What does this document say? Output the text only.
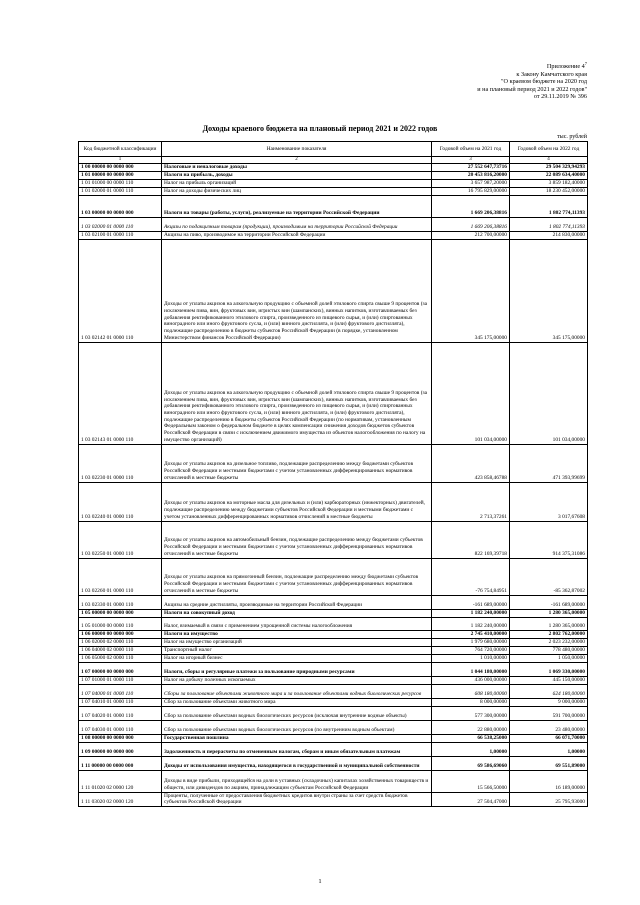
Приложение $4^7$
к Закону Камчатского края
"О краевом бюджете на 2020 год
и на плановый период 2021 и 2022 годов"
от 29.11.2019 № 396
Доходы краевого бюджета на плановый период 2021 и 2022 годов
тыс. рублей
Код бюджетной классификации	Наименование показателя	Годовой объем на 2021 год	Годовой объем на 2022 год
1	2	3	4
1 00 00000 00 0000 000	Налоговые и неналоговые доходы	27 552 647,73716	29 504 329,94293
1 01 00000 00 0000 000	Налоги на прибыль, доходы	20 453 816,20000	22 089 634,40000
1 01 01000 00 0000 110	Налог на прибыль организаций	3 657 987,20000	3 859 182,40000
1 01 02000 01 0000 110	Налог на доходы физических лиц	16 795 829,00000	18 230 452,00000
1 03 00000 00 0000 000	Налоги на товары (работы, услуги), реализуемые на территории Российской Федерации	1 669 206,38816	1 802 774,11393
1 03 02000 01 0000 110	Акцизы по подакцизным товарам (продукции), производимым на территории Российской Федерации	1 669 206,38816	1 802 774,11393
1 03 02100 01 0000 110	Акцизы на пиво, производимое на территории Российской Федерации	212 700,00000	214 830,00000
1 03 02142 01 0000 110	Доходы от уплаты акцизов на алкогольную продукцию с объемной долей этилового спирта свыше 9 процентов (за исключением пива, вин, фруктовых вин, игристых вин (шампанских), винных напитков, изготавливаемых без добавления ректификованного этилового спирта, произведенного из пищевого сырья, и (или) спиртованных виноградного или иного фруктового сусла, и (или) винного дистиллята, и (или) фруктового дистиллята), подлежащие распределению в бюджеты субъектов Российской Федерации (в порядке, установленном Министерством финансов Российской Федерации)	345 175,00000	345 175,00000
1 03 02143 01 0000 110	Доходы от уплаты акцизов на алкогольную продукцию с объемной долей этилового спирта свыше 9 процентов (за исключением пива, вин, фруктовых вин, игристых вин (шампанских), винных напитков, изготавливаемых без добавления ректификованного этилового спирта, произведенного из пищевого сырья, и (или) спиртованных виноградного или иного фруктового сусла, и (или) винного дистиллята, и (или) фруктового дистиллята), подлежащие распределению в бюджеты субъектов Российской Федерации (по нормативам, установленным Федеральным законом о федеральном бюджете в целях компенсации снижения доходов бюджетов субъектов Российской Федерации в связи с исключением движимого имущества из объектов налогообложения по налогу на имущество организаций)	101 034,00000	101 034,00000
1 03 02230 01 0000 110	Доходы от уплаты акцизов на дизельное топливо, подлежащие распределению между бюджетами субъектов Российской Федерации и местными бюджетами с учетом установленных дифференцированных нормативов отчислений в местные бюджеты	423 858,46788	471 393,99699
1 03 02240 01 0000 110	Доходы от уплаты акцизов на моторные масла для дизельных и (или) карбюраторных (инжекторных) двигателей, подлежащие распределению между бюджетами субъектов Российской Федерации и местными бюджетами с учетом установленных дифференцированных нормативов отчислений в местные бюджеты	2 713,37261	3 017,67608
1 03 02250 01 0000 110	Доходы от уплаты акцизов на автомобильный бензин, подлежащие распределению между бюджетами субъектов Российской Федерации и местными бюджетами с учетом установленных дифференцированных нормативов отчислений в местные бюджеты	822 169,39718	914 375,31086
1 03 02260 01 0000 110	Доходы от уплаты акцизов на прямогонный бензин, подлежащие распределению между бюджетами субъектов Российской Федерации и местными бюджетами с учетом установленных дифференцированных нормативов отчислений в местные бюджеты	-76 754,84951	-85 362,87002
1 03 02330 01 0000 110	Акцизы на средние дистилляты, производимые на территории Российской Федерации	-161 689,00000	-161 689,00000
1 05 00000 00 0000 000	Налоги на совокупный доход	1 182 240,00000	1 280 365,00000
1 05 01000 00 0000 110	Налог, взимаемый в связи с применением упрощенной системы налогообложения	1 182 240,00000	1 280 365,00000
1 06 00000 00 0000 000	Налоги на имущество	2 745 410,00000	2 802 762,00000
1 06 02000 02 0000 110	Налог на имущество организаций	1 979 680,00000	2 023 232,00000
1 06 04000 02 0000 110	Транспортный налог	764 720,00000	778 480,00000
1 06 05000 02 0000 110	Налог на игорный бизнес	1 010,00000	1 050,00000
1 07 00000 00 0000 000	Налоги, сборы и регулярные платежи за пользование природными ресурсами	1 044 180,00000	1 069 330,00000
1 07 01000 01 0000 110	Налог на добычу полезных ископаемых	436 000,00000	445 150,00000
1 07 04000 01 0000 110	Сборы за пользование объектами животного мира и за пользование объектами водных биологических ресурсов	608 180,00000	624 180,00000
1 07 04010 01 0000 110	Сбор за пользование объектами животного мира	8 000,00000	9 000,00000
1 07 04020 01 0000 110	Сбор за пользование объектами водных биологических ресурсов (исключая внутренние водные объекты)	577 300,00000	591 700,00000
1 07 04030 01 0000 110	Сбор за пользование объектами водных биологических ресурсов (по внутренним водным объектам)	22 880,00000	23 480,00000
1 08 00000 00 0000 000	Государственная пошлина	66 538,25000	66 071,70000
1 09 00000 00 0000 000	Задолженность и перерасчеты по отмененным налогам, сборам и иным обязательным платежам	1,00000	1,00000
1 11 00000 00 0000 000	Доходы от использования имущества, находящегося в государственной и муниципальной собственности	69 586,69060	69 551,89000
1 11 01020 02 0000 120	Доходы в виде прибыли, приходящейся на доли в уставных (складочных) капиталах хозяйственных товариществ и обществ, или дивидендов по акциям, принадлежащим субъектам Российской Федерации	15 566,50000	16 189,00000
1 11 03020 02 0000 120	Проценты, полученные от предоставления бюджетных кредитов внутри страны за счет средств бюджетов субъектов Российской Федерации	27 504,47000	25 795,93000
1
